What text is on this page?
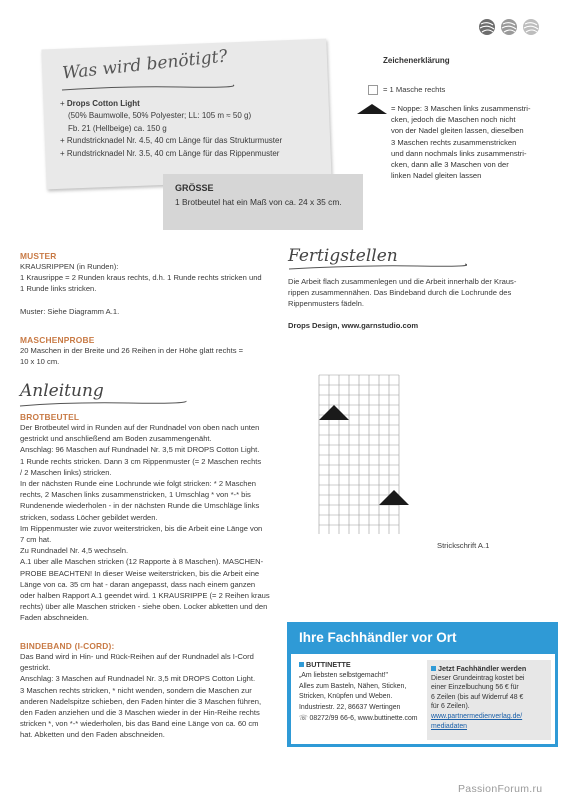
Was wird benötigt?
+ Drops Cotton Light
(50% Baumwolle, 50% Polyester; LL: 105 m ≈ 50 g)
Fb. 21 (Hellbeige) ca. 150 g
+ Rundstricknadel Nr. 4.5, 40 cm Länge für das Strukturmuster
+ Rundstricknadel Nr. 3.5, 40 cm Länge für das Rippenmuster
GRÖSSE
1 Brotbeutel hat ein Maß von ca. 24 x 35 cm.
Zeichenerklärung
= 1 Masche rechts
= Noppe: 3 Maschen links zusammenstri-
cken, jedoch die Maschen noch nicht
von der Nadel gleiten lassen, dieselben
3 Maschen rechts zusammenstricken
und dann nochmals links zusammenstri-
cken, dann alle 3 Maschen von der
linken Nadel gleiten lassen
MUSTER
KRAUSRIPPEN (in Runden):
1 Krausrippe = 2 Runden kraus rechts, d.h. 1 Runde rechts stricken und
1 Runde links stricken.
Muster: Siehe Diagramm A.1.
MASCHENPROBE
20 Maschen in der Breite und 26 Reihen in der Höhe glatt rechts =
10 x 10 cm.
Anleitung
BROTBEUTEL
Der Brotbeutel wird in Runden auf der Rundnadel von oben nach unten
gestrickt und anschließend am Boden zusammengenäht.
Anschlag: 96 Maschen auf Rundnadel Nr. 3,5 mit DROPS Cotton Light.
1 Runde rechts stricken. Dann 3 cm Rippenmuster (= 2 Maschen rechts
/ 2 Maschen links) stricken.
In der nächsten Runde eine Lochrunde wie folgt stricken: * 2 Maschen
rechts, 2 Maschen links zusammenstricken, 1 Umschlag * von *-* bis
Rundenende wiederholen - in der nächsten Runde die Umschläge links
stricken, sodass Löcher gebildet werden.
Im Rippenmuster wie zuvor weiterstricken, bis die Arbeit eine Länge von
7 cm hat.
Zu Rundnadel Nr. 4,5 wechseln.
A.1 über alle Maschen stricken (12 Rapporte à 8 Maschen). MASCHEN-
PROBE BEACHTEN! In dieser Weise weiterstricken, bis die Arbeit eine
Länge von ca. 35 cm hat - daran angepasst, dass nach einem ganzen
oder halben Rapport A.1 geendet wird. 1 KRAUSRIPPE (= 2 Reihen kraus
rechts) über alle Maschen stricken - siehe oben. Locker abketten und den
Faden abschneiden.
BINDEBAND (I-CORD):
Das Band wird in Hin- und Rück-Reihen auf der Rundnadel als I-Cord
gestrickt.
Anschlag: 3 Maschen auf Rundnadel Nr. 3,5 mit DROPS Cotton Light.
3 Maschen rechts stricken, * nicht wenden, sondern die Maschen zur
anderen Nadelspitze schieben, den Faden hinter die 3 Maschen führen,
den Faden anziehen und die 3 Maschen wieder in der Hin-Reihe rechts
stricken *, von *-* wiederholen, bis das Band eine Länge von ca. 60 cm
hat. Abketten und den Faden abschneiden.
Fertigstellen
Die Arbeit flach zusammenlegen und die Arbeit innerhalb der Kraus-
rippen zusammennähen. Das Bindeband durch die Lochrunde des
Rippenmusters fädeln.
Drops Design, www.garnstudio.com
Strickschrift A.1
Ihre Fachhändler vor Ort
BUTTINETTE
„Am liebsten selbstgemacht!"
Alles zum Basteln, Nähen, Sticken,
Stricken, Knüpfen und Weben.
Industriestr. 22, 86637 Wertingen
☏ 08272/99 66-6, www.buttinette.com
Jetzt Fachhändler werden
Dieser Grundeintrag kostet bei
einer Einzelbuchung 56 € für
6 Zeilen (bis auf Widerruf 48 €
für 6 Zeilen).
www.partnermedienverlag.de/
mediadaten
PassionForum.ru
